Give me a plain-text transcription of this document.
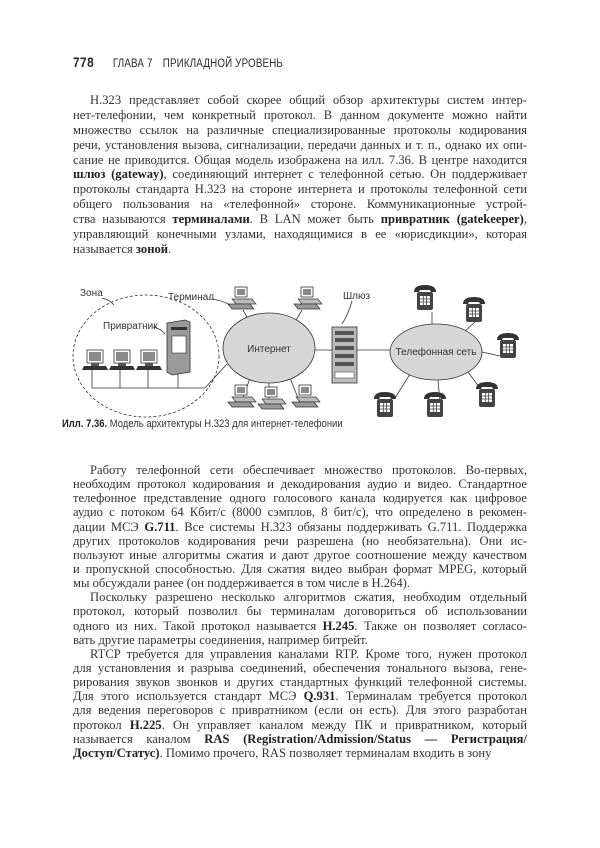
778 ГЛАВА 7 ПРИКЛАДНОЙ УРОВЕНЬ
H.323 представляет собой скорее общий обзор архитектуры систем интер-
нет-телефонии, чем конкретный протокол. В данном документе можно найти
множество ссылок на различные специализированные протоколы кодирования
речи, установления вызова, сигнализации, передачи данных и т. п., однако их опи-
сание не приводится. Общая модель изображена на илл. 7.36. В центре находится
шлюз (gateway), соединяющий интернет с телефонной сетью. Он поддерживает
протоколы стандарта H.323 на стороне интернета и протоколы телефонной сети
общего пользования на «телефонной» стороне. Коммуникационные устрой-
ства называются терминалами. В LAN может быть привратник (gatekeeper),
управляющий конечными узлами, находящимися в ее «юрисдикции», которая
называется зоной.
Работу телефонной сети обеспечивает множество протоколов. Во-первых,
необходим протокол кодирования и декодирования аудио и видео. Стандартное
телефонное представление одного голосового канала кодируется как цифровое
аудио с потоком 64 Кбит/с (8000 сэмплов, 8 бит/с), что определено в рекомен-
дации МСЭ G.711. Все системы H.323 обязаны поддерживать G.711. Поддержка
других протоколов кодирования речи разрешена (но необязательна). Они ис-
пользуют иные алгоритмы сжатия и дают другое соотношение между качеством
и пропускной способностью. Для сжатия видео выбран формат MPEG, который
мы обсуждали ранее (он поддерживается в том числе в H.264).
Поскольку разрешено несколько алгоритмов сжатия, необходим отдельный
протокол, который позволил бы терминалам договориться об использовании
одного из них. Такой протокол называется H.245. Также он позволяет согласо-
вать другие параметры соединения, например битрейт.
RTCP требуется для управления каналами RTP. Кроме того, нужен протокол
для установления и разрыва соединений, обеспечения тонального вызова, гене-
рирования звуков звонков и других стандартных функций телефонной системы.
Для этого используется стандарт МСЭ Q.931. Терминалам требуется протокол
для ведения переговоров с привратником (если он есть). Для этого разработан
протокол H.225. Он управляет каналом между ПК и привратником, который
называется каналом RAS (Registration/Admission/Status — Регистрация/
Доступ/Статус). Помимо прочего, RAS позволяет терминалам входить в зону
Зона	Терминал
Привратник
Интернет
Шлюз
Телефонная сеть
Илл. 7.36. Модель архитектуры H.323 для интернет-телефонии
